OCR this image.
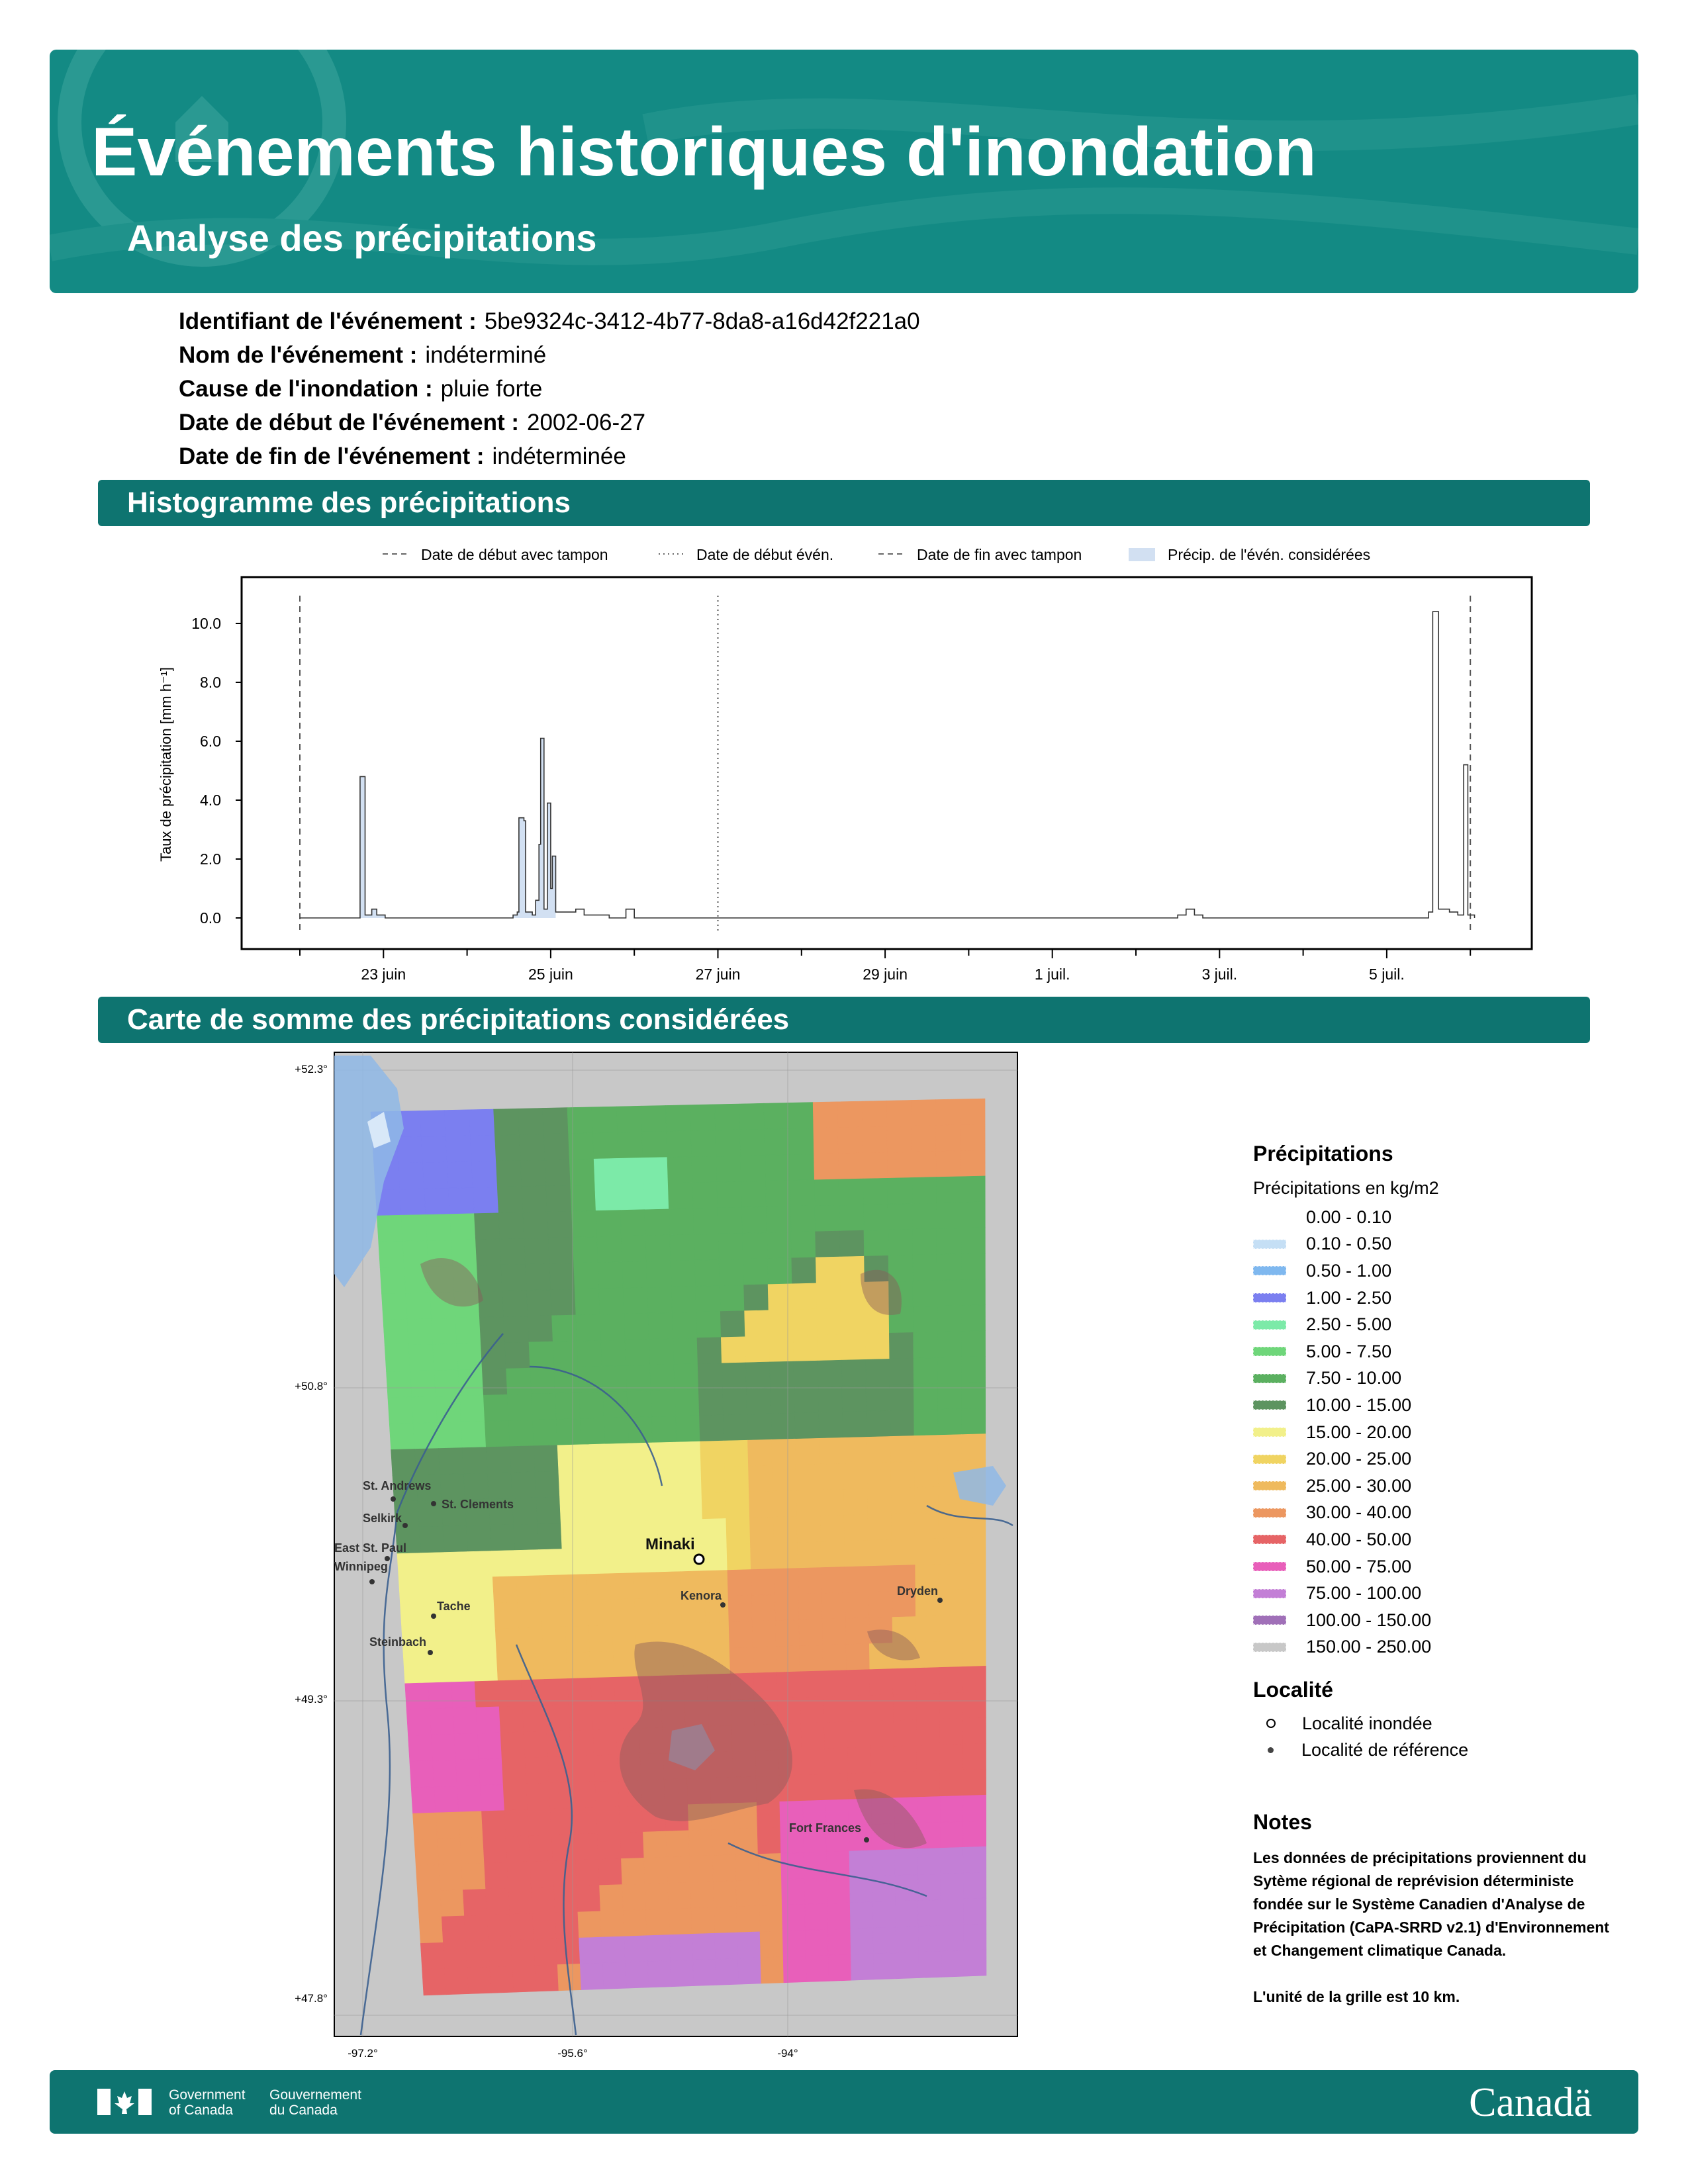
Événements historiques d'inondation
Analyse des précipitations
Identifiant de l'événement : 5be9324c-3412-4b77-8da8-a16d42f221a0
Nom de l'événement : indéterminé
Cause de l'inondation : pluie forte
Date de début de l'événement : 2002-06-27
Date de fin de l'événement : indéterminée
Histogramme des précipitations
Date de début avec tampon	Date de début évén.	Date de fin avec tampon	Précip. de l'évén. considérées
0.0
2.0
4.0
6.0
8.0
10.0
23 juin	25 juin	27 juin	29 juin	1 juil.	3 juil.	5 juil.
Taux de précipitation [mm h⁻¹]
Carte de somme des précipitations considérées
St. Andrews
St. Clements
Selkirk
East St. Paul
Winnipeg
Tache
Steinbach
Kenora	Dryden
Fort Frances
Minaki
+52.3°
+50.8°
+49.3°
+47.8°
-97.2°	-95.6°	-94°
Précipitations
Précipitations en kg/m2
0.00 - 0.10
0.10 - 0.50
0.50 - 1.00
1.00 - 2.50
2.50 - 5.00
5.00 - 7.50
7.50 - 10.00
10.00 - 15.00
15.00 - 20.00
20.00 - 25.00
25.00 - 30.00
30.00 - 40.00
40.00 - 50.00
50.00 - 75.00
75.00 - 100.00
100.00 - 150.00
150.00 - 250.00
Localité
Localité inondée
Localité de référence
Notes
Les données de précipitations proviennent du Sytème régional de reprévision déterministe fondée sur le Système Canadien d'Analyse de Précipitation (CaPA-SRRD v2.1) d'Environnement et Changement climatique Canada.
L'unité de la grille est 10 km.
Government
of Canada
Gouvernement
du Canada	Canadä
